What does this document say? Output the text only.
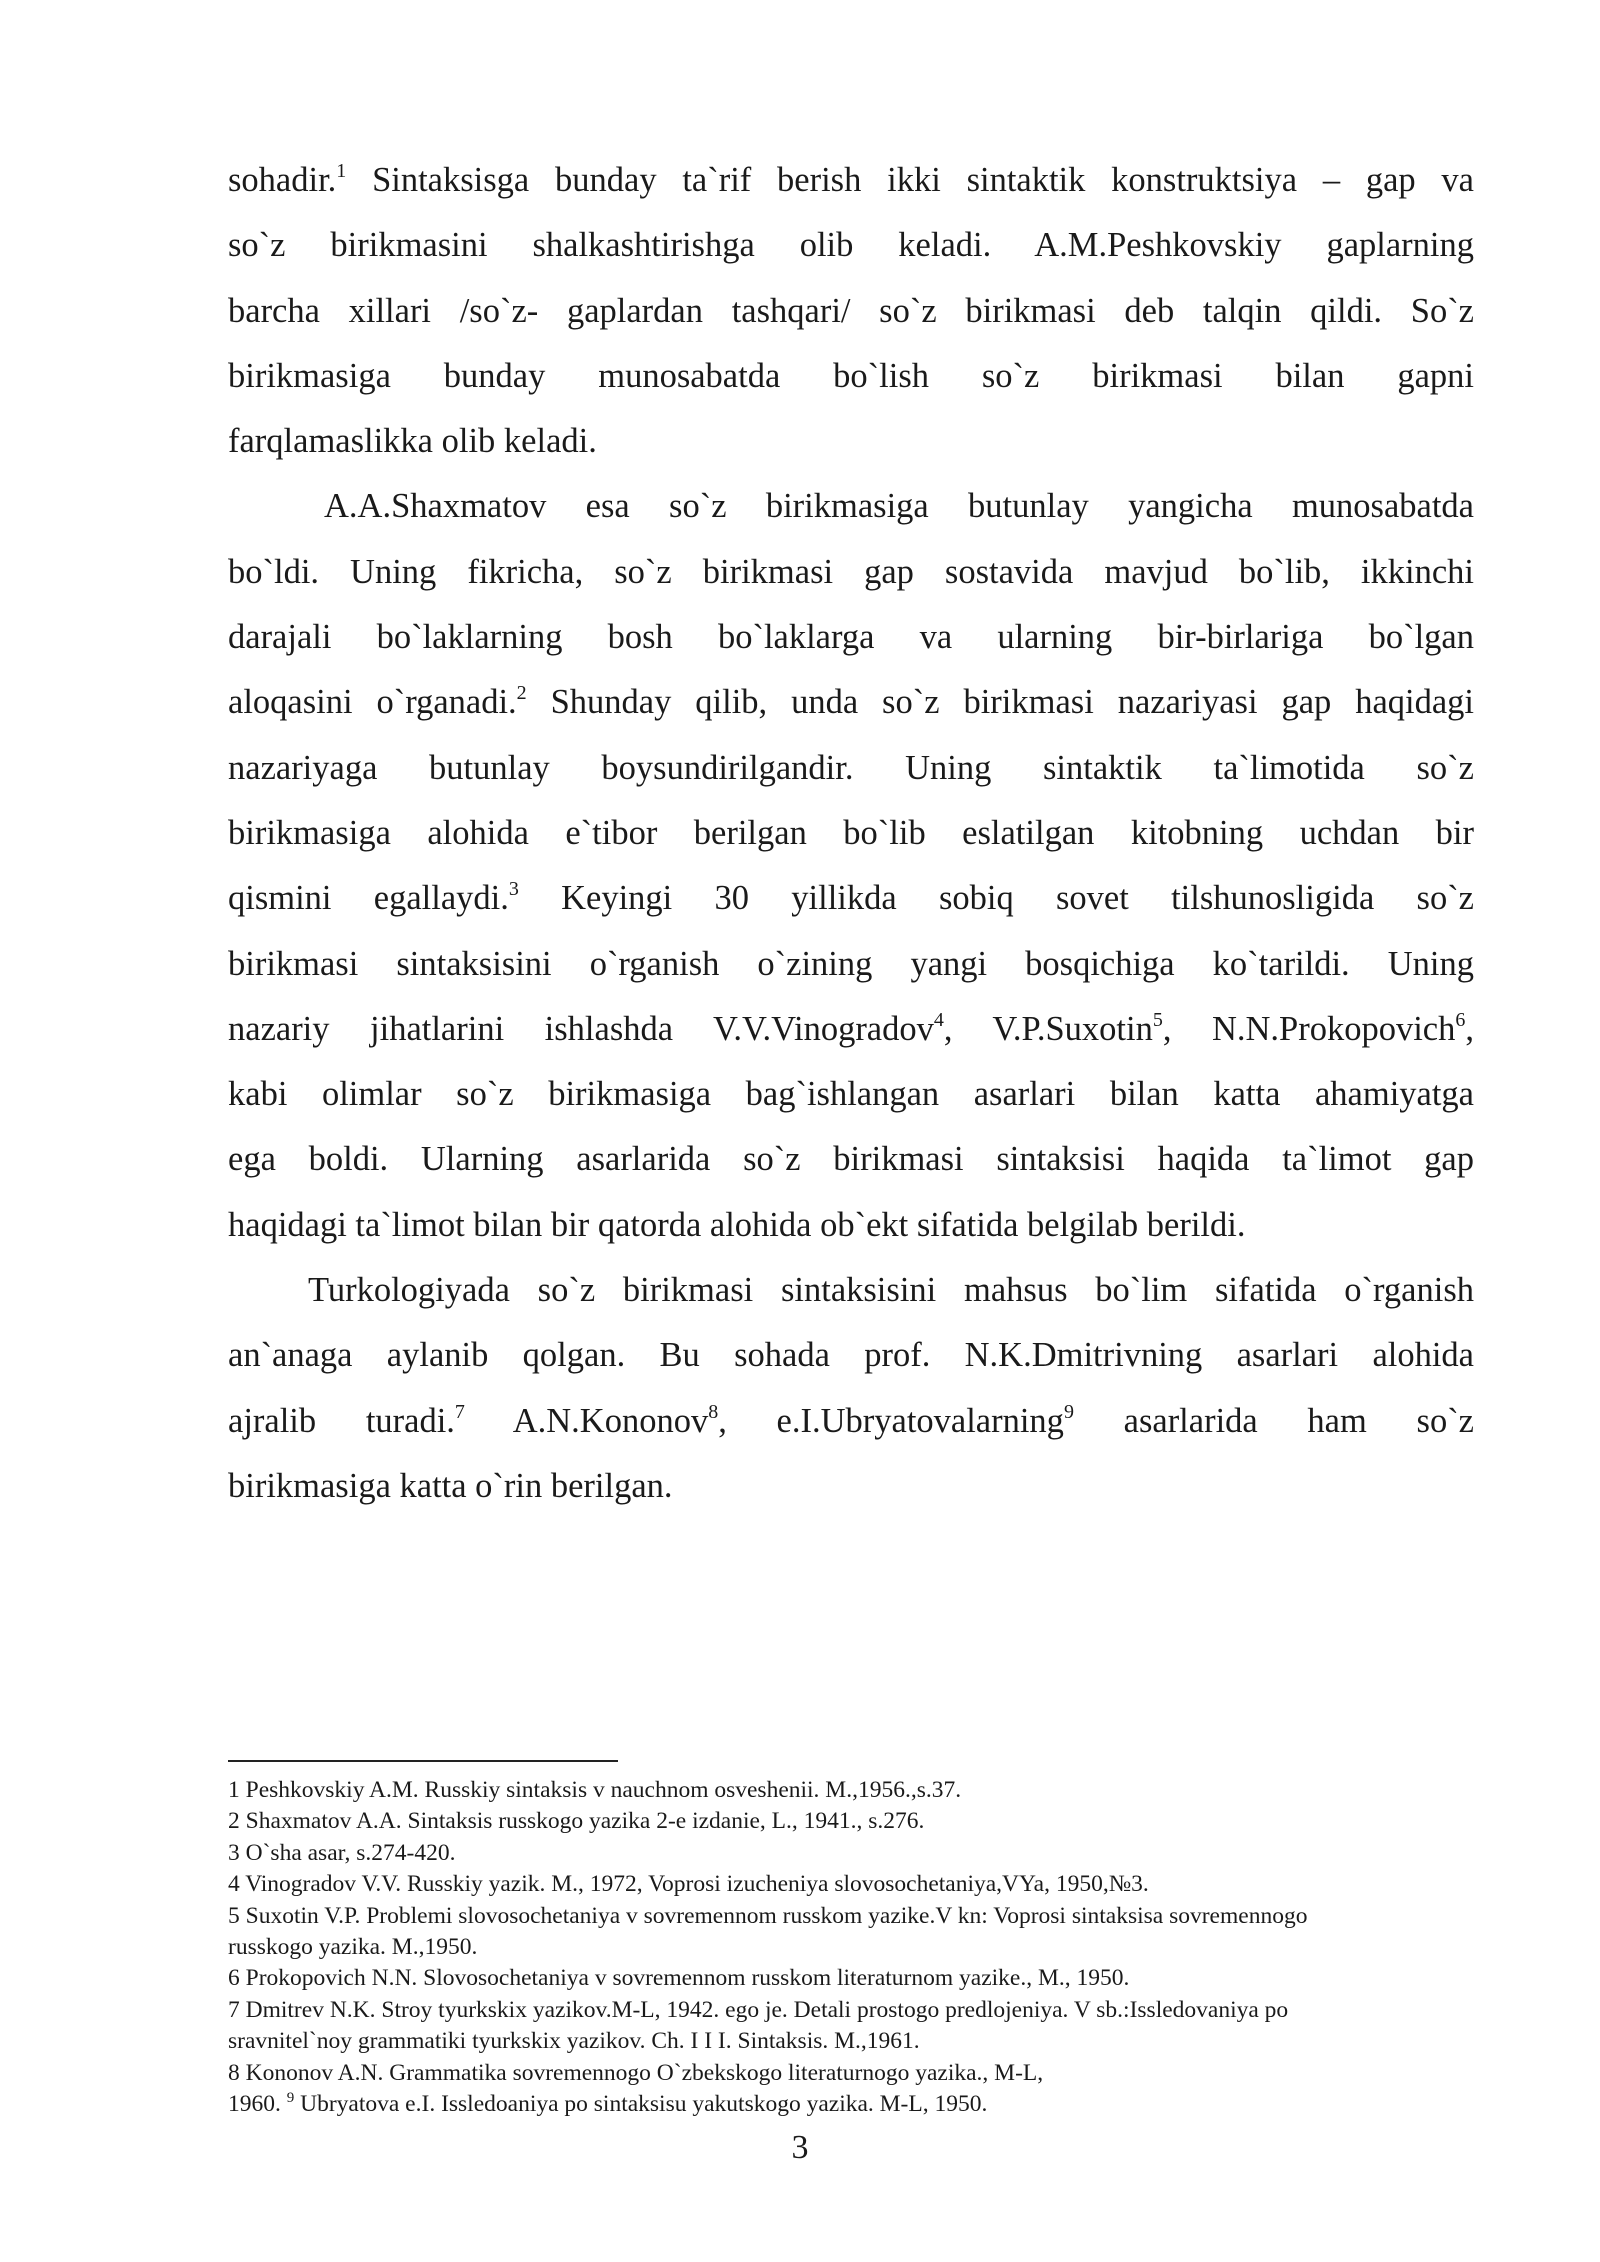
sohadir.$^1$ Sintaksisga bunday ta`rif berish ikki sintaktik konstruktsiya – gap va
so`z birikmasini shalkashtirishga olib keladi. A.M.Peshkovskiy gaplarning
barcha xillari /so`z- gaplardan tashqari/ so`z birikmasi deb talqin qildi. So`z
birikmasiga bunday munosabatda bo`lish so`z birikmasi bilan gapni
farqlamaslikka olib keladi.
A.A.Shaxmatov esa so`z birikmasiga butunlay yangicha munosabatda
bo`ldi. Uning fikricha, so`z birikmasi gap sostavida mavjud bo`lib, ikkinchi
darajali bo`laklarning bosh bo`laklarga va ularning bir-birlariga bo`lgan
aloqasini o`rganadi.$^2$ Shunday qilib, unda so`z birikmasi nazariyasi gap haqidagi
nazariyaga butunlay boysundirilgandir. Uning sintaktik ta`limotida so`z
birikmasiga alohida e`tibor berilgan bo`lib eslatilgan kitobning uchdan bir
qismini egallaydi.$^3$ Keyingi 30 yillikda sobiq sovet tilshunosligida so`z
birikmasi sintaksisini o`rganish o`zining yangi bosqichiga ko`tarildi. Uning
nazariy jihatlarini ishlashda V.V.Vinogradov$^4$, V.P.Suxotin$^5$, N.N.Prokopovich$^6$,
kabi olimlar so`z birikmasiga bag`ishlangan asarlari bilan katta ahamiyatga
ega boldi. Ularning asarlarida so`z birikmasi sintaksisi haqida ta`limot gap
haqidagi ta`limot bilan bir qatorda alohida ob`ekt sifatida belgilab berildi.
Turkologiyada so`z birikmasi sintaksisini mahsus bo`lim sifatida o`rganish
an`anaga aylanib qolgan. Bu sohada prof. N.K.Dmitrivning asarlari alohida
ajralib turadi.$^7$ A.N.Kononov$^8$, e.I.Ubryatovalarning$^9$ asarlarida ham so`z
birikmasiga katta o`rin berilgan.
1 Peshkovskiy A.M. Russkiy sintaksis v nauchnom osveshenii. M.,1956.,s.37.
2 Shaxmatov A.A. Sintaksis russkogo yazika 2-e izdanie, L., 1941., s.276.
3 O`sha asar, s.274-420.
4 Vinogradov V.V. Russkiy yazik. M., 1972, Voprosi izucheniya slovosochetaniya,VYa, 1950,№3.
5 Suxotin V.P. Problemi slovosochetaniya v sovremennom russkom yazike.V kn: Voprosi sintaksisa sovremennogo
russkogo yazika. M.,1950.
6 Prokopovich N.N. Slovosochetaniya v sovremennom russkom literaturnom yazike., M., 1950.
7 Dmitrev N.K. Stroy tyurkskix yazikov.M-L, 1942. ego je. Detali prostogo predlojeniya. V sb.:Issledovaniya po
sravnitel`noy grammatiki tyurkskix yazikov. Ch. I I I. Sintaksis. M.,1961.
8 Kononov A.N. Grammatika sovremennogo O`zbekskogo literaturnogo yazika., M-L,
1960. $^9$ Ubryatova e.I. Issledoaniya po sintaksisu yakutskogo yazika. M-L, 1950.
3
